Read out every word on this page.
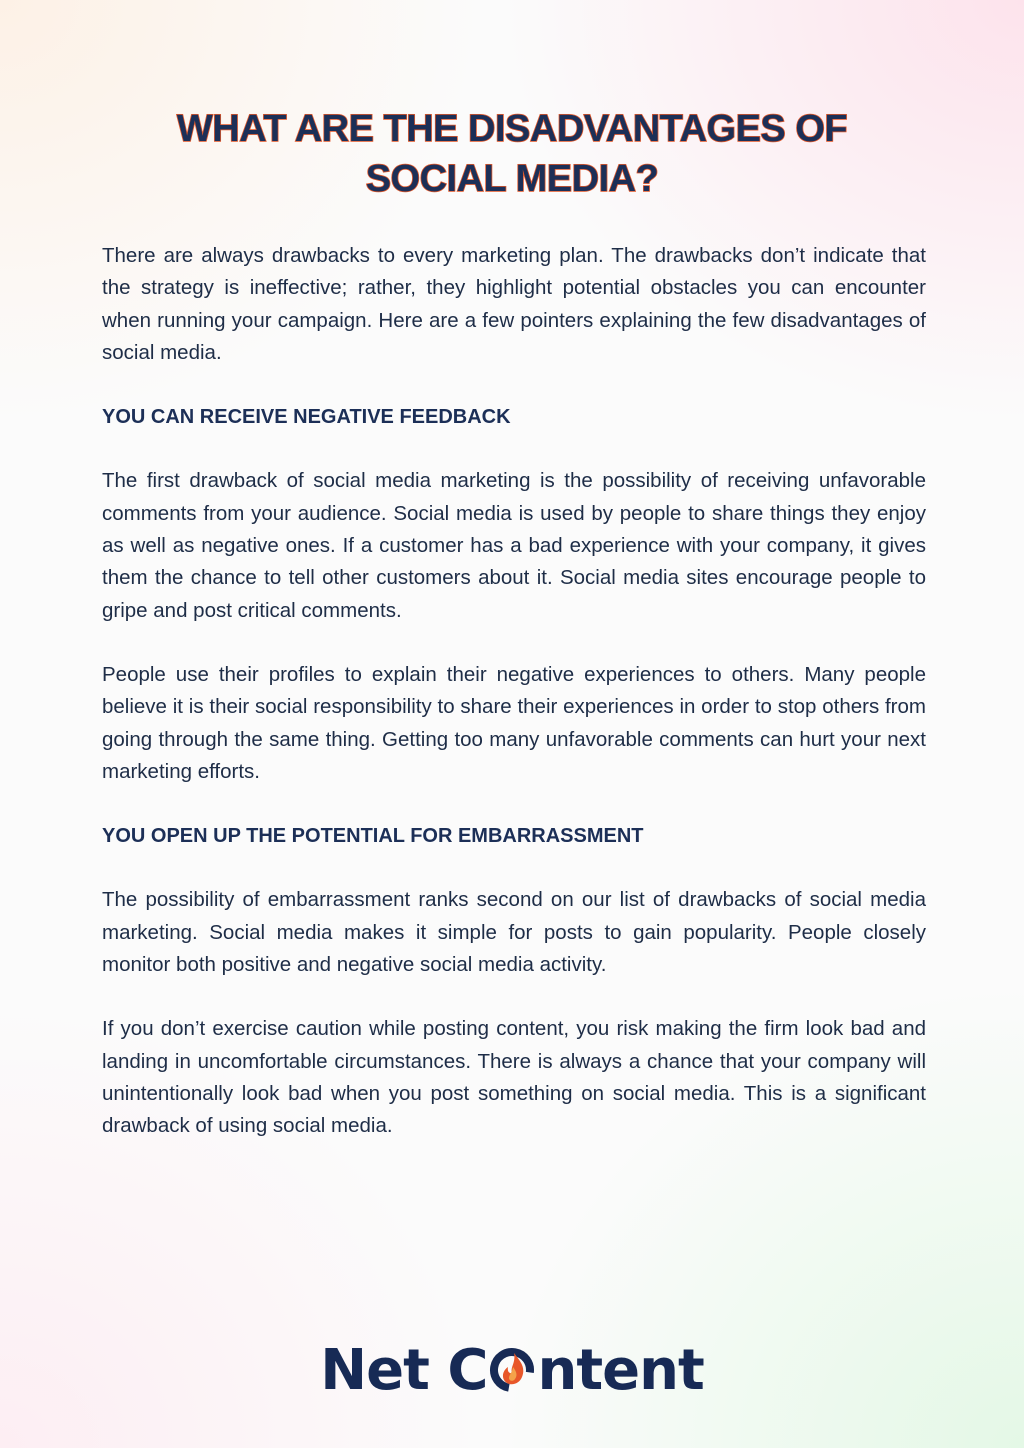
WHAT ARE THE DISADVANTAGES OF
SOCIAL MEDIA?

There are always drawbacks to every marketing plan. The drawbacks don’t indicate that the strategy is ineffective; rather, they highlight potential obstacles you can encounter when running your campaign. Here are a few pointers explaining the few disadvantages of social media.

YOU CAN RECEIVE NEGATIVE FEEDBACK

The first drawback of social media marketing is the possibility of receiving unfavorable comments from your audience. Social media is used by people to share things they enjoy as well as negative ones. If a customer has a bad experience with your company, it gives them the chance to tell other customers about it. Social media sites encourage people to gripe and post critical comments.

People use their profiles to explain their negative experiences to others. Many people believe it is their social responsibility to share their experiences in order to stop others from going through the same thing. Getting too many unfavorable comments can hurt your next marketing efforts.

YOU OPEN UP THE POTENTIAL FOR EMBARRASSMENT

The possibility of embarrassment ranks second on our list of drawbacks of social media marketing. Social media makes it simple for posts to gain popularity. People closely monitor both positive and negative social media activity.

If you don’t exercise caution while posting content, you risk making the firm look bad and landing in uncomfortable circumstances. There is always a chance that your company will unintentionally look bad when you post something on social media. This is a significant drawback of using social media.

Net C ntent
